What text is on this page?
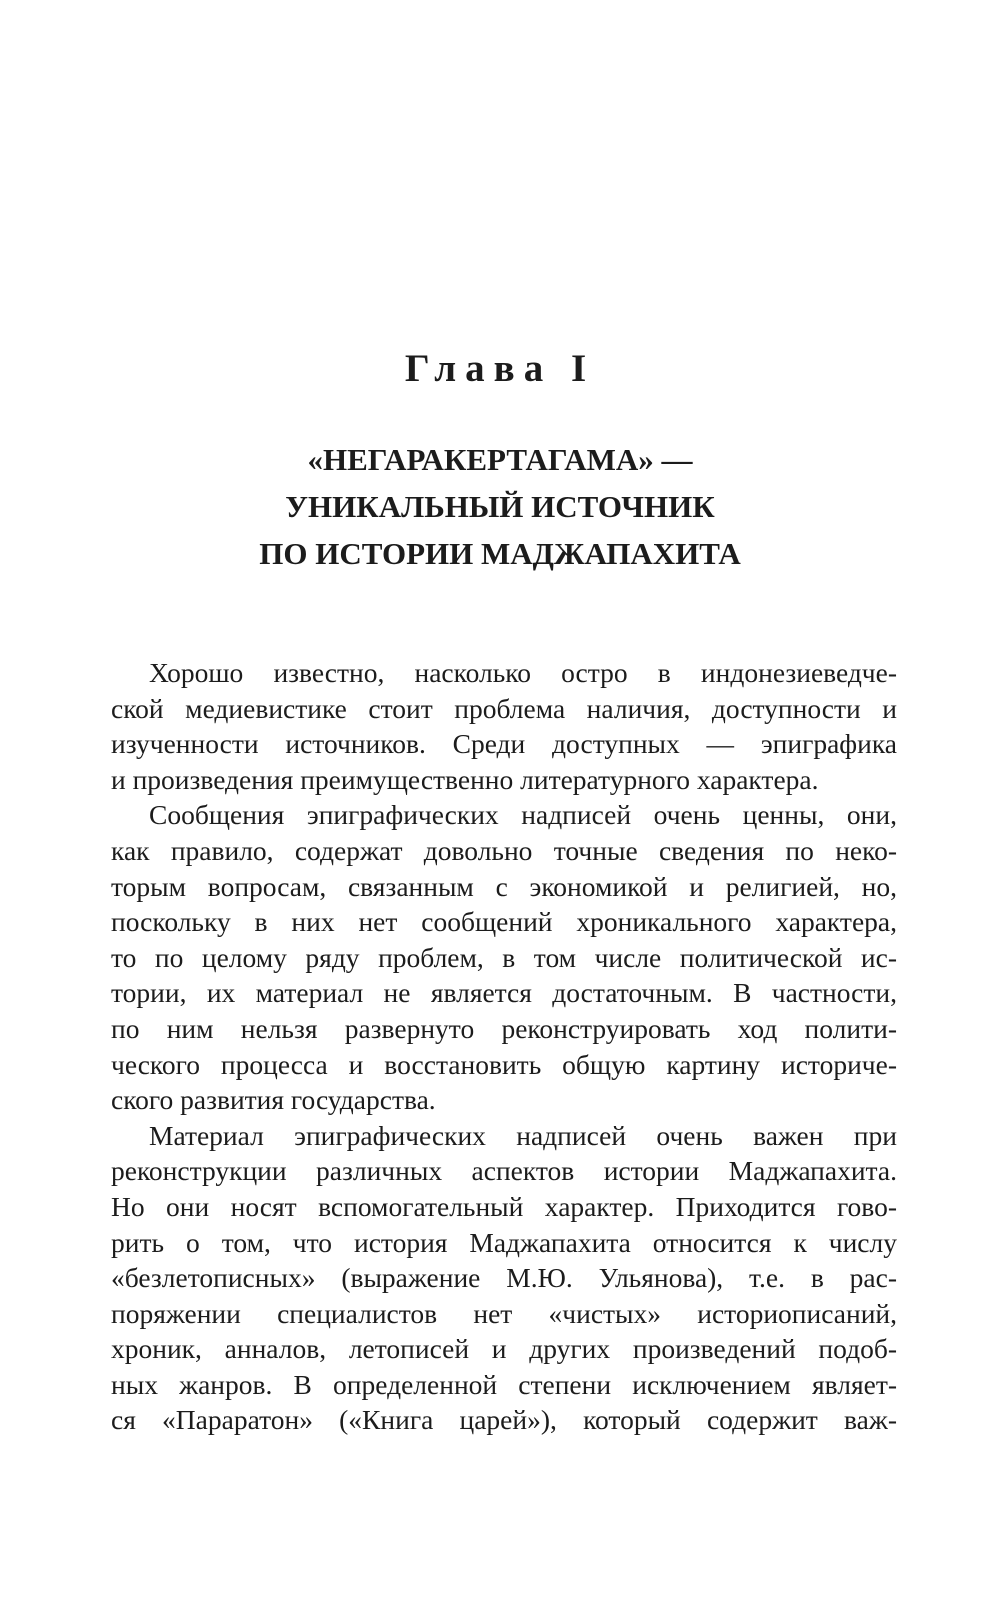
Глава I
«НЕГАРАКЕРТАГАМА» —
УНИКАЛЬНЫЙ ИСТОЧНИК
ПО ИСТОРИИ МАДЖАПАХИТА
Хорошо известно, насколько остро в индонезиеведче-
ской медиевистике стоит проблема наличия, доступности и
изученности источников. Среди доступных — эпиграфика
и произведения преимущественно литературного характера.
Сообщения эпиграфических надписей очень ценны, они,
как правило, содержат довольно точные сведения по неко-
торым вопросам, связанным с экономикой и религией, но,
поскольку в них нет сообщений хроникального характера,
то по целому ряду проблем, в том числе политической ис-
тории, их материал не является достаточным. В частности,
по ним нельзя развернуто реконструировать ход полити-
ческого процесса и восстановить общую картину историче-
ского развития государства.
Материал эпиграфических надписей очень важен при
реконструкции различных аспектов истории Маджапахита.
Но они носят вспомогательный характер. Приходится гово-
рить о том, что история Маджапахита относится к числу
«безлетописных» (выражение М.Ю. Ульянова), т.е. в рас-
поряжении специалистов нет «чистых» историописаний,
хроник, анналов, летописей и других произведений подоб-
ных жанров. В определенной степени исключением являет-
ся «Параратон» («Книга царей»), который содержит важ-
